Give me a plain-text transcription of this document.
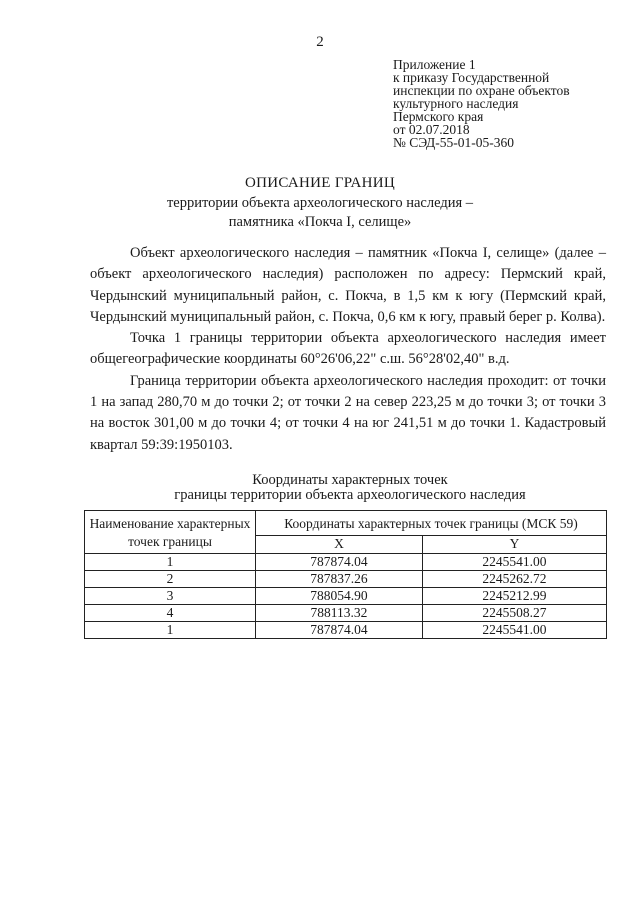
2
Приложение 1
к приказу Государственной
инспекции по охране объектов
культурного наследия
Пермского края
от 02.07.2018
№ СЭД-55-01-05-360
ОПИСАНИЕ ГРАНИЦ
территории объекта археологического наследия –
памятника «Покча I, селище»

Объект археологического наследия – памятник «Покча I, селище» (далее – объект археологического наследия) расположен по адресу: Пермский край, Чердынский муниципальный район, с. Покча, в 1,5 км к югу (Пермский край, Чердынский муниципальный район, с. Покча, 0,6 км к югу, правый берег р. Колва).

Точка 1 границы территории объекта археологического наследия имеет общегеографические координаты 60°26'06,22" с.ш. 56°28'02,40" в.д.

Граница территории объекта археологического наследия проходит: от точки 1 на запад 280,70 м до точки 2; от точки 2 на север 223,25 м до точки 3; от точки 3 на восток 301,00 м до точки 4; от точки 4 на юг 241,51 м до точки 1. Кадастровый квартал 59:39:1950103.

Координаты характерных точек
границы территории объекта археологического наследия
Наименование характерных точек границы	Координаты характерных точек границы (МСК 59)	
	X	Y
1	787874.04	2245541.00
2	787837.26	2245262.72
3	788054.90	2245212.99
4	788113.32	2245508.27
1	787874.04	2245541.00
